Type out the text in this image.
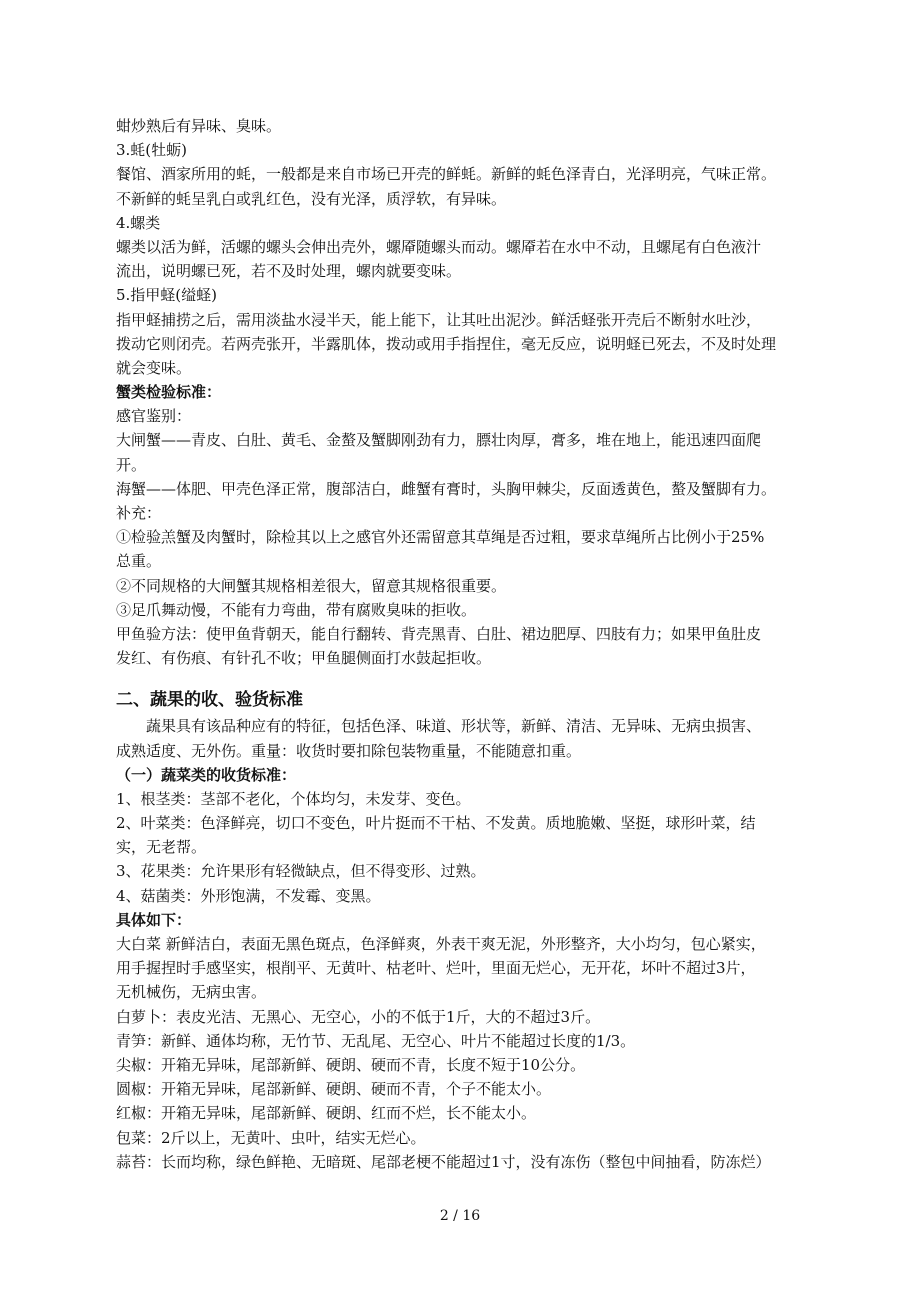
蚶炒熟后有异味、臭味。
3.蚝(牡蛎)
餐馆、酒家所用的蚝，一般都是来自市场已开壳的鲜蚝。新鲜的蚝色泽青白，光泽明亮，气味正常。
不新鲜的蚝呈乳白或乳红色，没有光泽，质浮软，有异味。
4.螺类
螺类以活为鲜，活螺的螺头会伸出壳外，螺厣随螺头而动。螺厣若在水中不动，且螺尾有白色液汁
流出，说明螺已死，若不及时处理，螺肉就要变味。
5.指甲蛏(缢蛏)
指甲蛏捕捞之后，需用淡盐水浸半天，能上能下，让其吐出泥沙。鲜活蛏张开壳后不断射水吐沙，
拨动它则闭壳。若两壳张开，半露肌体，拨动或用手指捏住，毫无反应，说明蛏已死去，不及时处理
就会变味。
蟹类检验标准：
感官鉴别：
大闸蟹——青皮、白肚、黄毛、金螯及蟹脚刚劲有力，膘壮肉厚，膏多，堆在地上，能迅速四面爬
开。
海蟹——体肥、甲壳色泽正常，腹部洁白，雌蟹有膏时，头胸甲棘尖，反面透黄色，螯及蟹脚有力。
补充：
①检验羔蟹及肉蟹时，除检其以上之感官外还需留意其草绳是否过粗，要求草绳所占比例小于25%
总重。
②不同规格的大闸蟹其规格相差很大，留意其规格很重要。
③足爪舞动慢，不能有力弯曲，带有腐败臭味的拒收。
甲鱼验方法：使甲鱼背朝天，能自行翻转、背壳黑青、白肚、裙边肥厚、四肢有力；如果甲鱼肚皮
发红、有伤痕、有针孔不收；甲鱼腿侧面打水鼓起拒收。
二、蔬果的收、验货标准
蔬果具有该品种应有的特征，包括色泽、味道、形状等，新鲜、清洁、无异味、无病虫损害、
成熟适度、无外伤。重量：收货时要扣除包装物重量，不能随意扣重。
（一）蔬菜类的收货标准：
1、根茎类：茎部不老化，个体均匀，未发芽、变色。
2、叶菜类：色泽鲜亮，切口不变色，叶片挺而不干枯、不发黄。质地脆嫩、坚挺，球形叶菜，结
实，无老帮。
3、花果类：允许果形有轻微缺点，但不得变形、过熟。
4、菇菌类：外形饱满，不发霉、变黑。
具体如下：
大白菜 新鲜洁白，表面无黑色斑点，色泽鲜爽，外表干爽无泥，外形整齐，大小均匀，包心紧实，
用手握捏时手感坚实，根削平、无黄叶、枯老叶、烂叶，里面无烂心，无开花，坏叶不超过3片，
无机械伤，无病虫害。
白萝卜：表皮光洁、无黑心、无空心，小的不低于1斤，大的不超过3斤。
青笋：新鲜、通体均称，无竹节、无乱尾、无空心、叶片不能超过长度的1/3。
尖椒：开箱无异味，尾部新鲜、硬朗、硬而不青，长度不短于10公分。
圆椒：开箱无异味，尾部新鲜、硬朗、硬而不青，个子不能太小。
红椒：开箱无异味，尾部新鲜、硬朗、红而不烂，长不能太小。
包菜：2斤以上，无黄叶、虫叶，结实无烂心。
蒜苔：长而均称，绿色鲜艳、无暗斑、尾部老梗不能超过1寸，没有冻伤（整包中间抽看，防冻烂）
2 / 16
